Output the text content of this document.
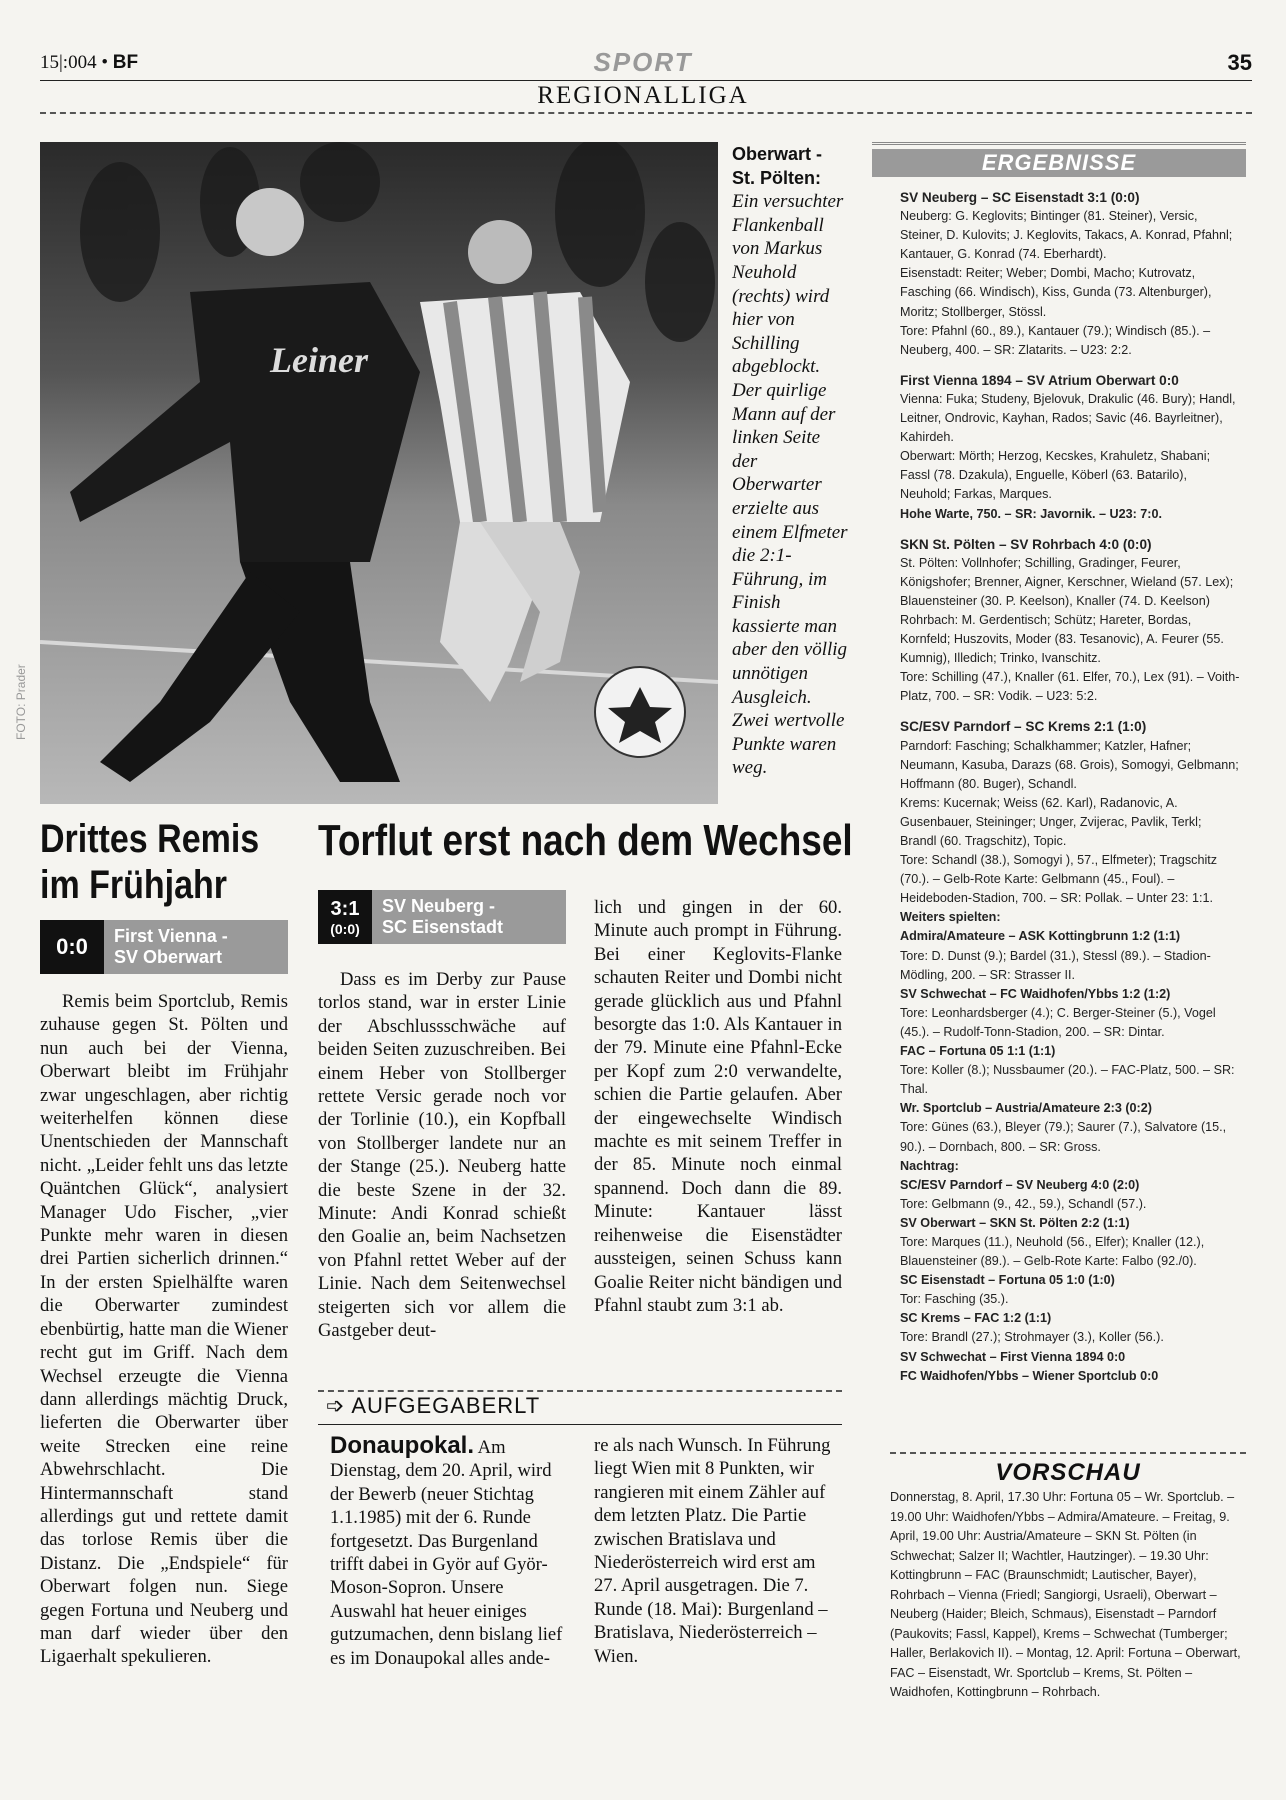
15|:004 • BF	SPORT	35
REGIONALLIGA
Leiner
FOTO: Prader
Oberwart -
St. Pölten:
Ein versuchter Flankenball von Markus Neuhold (rechts) wird hier von Schilling abgeblockt. Der quirlige Mann auf der linken Seite der Oberwarter erzielte aus einem Elfmeter die 2:1-Führung, im Finish kassierte man aber den völlig unnötigen Ausgleich. Zwei wertvolle Punkte waren weg.
Drittes Remis
im Frühjahr
0:0 First Vienna -
SV Oberwart
Remis beim Sportclub, Remis zuhause gegen St. Pölten und nun auch bei der Vienna, Oberwart bleibt im Frühjahr zwar ungeschlagen, aber richtig weiterhelfen können diese Unentschieden der Mannschaft nicht. „Leider fehlt uns das letzte Quäntchen Glück“, analysiert Manager Udo Fischer, „vier Punkte mehr waren in diesen drei Partien sicherlich drinnen.“ In der ersten Spielhälfte waren die Oberwarter zumindest ebenbürtig, hatte man die Wiener recht gut im Griff. Nach dem Wechsel erzeugte die Vienna dann allerdings mächtig Druck, lieferten die Oberwarter über weite Strecken eine reine Abwehrschlacht. Die Hintermannschaft stand allerdings gut und rettete damit das torlose Remis über die Distanz. Die „Endspiele“ für Oberwart folgen nun. Siege gegen Fortuna und Neuberg und man darf wieder über den Ligaerhalt spekulieren.
Torflut erst nach dem Wechsel
3:1
(0:0)
SV Neuberg -
SC Eisenstadt
Dass es im Derby zur Pause torlos stand, war in erster Linie der Abschlussschwäche auf beiden Seiten zuzuschreiben. Bei einem Heber von Stollberger rettete Versic gerade noch vor der Torlinie (10.), ein Kopfball von Stollberger landete nur an der Stange (25.). Neuberg hatte die beste Szene in der 32. Minute: Andi Konrad schießt den Goalie an, beim Nachsetzen von Pfahnl rettet Weber auf der Linie. Nach dem Seitenwechsel steigerten sich vor allem die Gastgeber deut-
lich und gingen in der 60. Minute auch prompt in Führung. Bei einer Keglovits-Flanke schauten Reiter und Dombi nicht gerade glücklich aus und Pfahnl besorgte das 1:0. Als Kantauer in der 79. Minute eine Pfahnl-Ecke per Kopf zum 2:0 verwandelte, schien die Partie gelaufen. Aber der eingewechselte Windisch machte es mit seinem Treffer in der 85. Minute noch einmal spannend. Doch dann die 89. Minute: Kantauer lässt reihenweise die Eisenstädter aussteigen, seinen Schuss kann Goalie Reiter nicht bändigen und Pfahnl staubt zum 3:1 ab.
➩ AUFGEGABERLT
Donaupokal. Am Dienstag, dem 20. April, wird der Bewerb (neuer Stichtag 1.1.1985) mit der 6. Runde fortgesetzt. Das Burgenland trifft dabei in Györ auf Györ-Moson-Sopron. Unsere Auswahl hat heuer einiges gutzumachen, denn bislang lief es im Donaupokal alles ande-
re als nach Wunsch. In Führung liegt Wien mit 8 Punkten, wir rangieren mit einem Zähler auf dem letzten Platz. Die Partie zwischen Bratislava und Niederösterreich wird erst am 27. April ausgetragen. Die 7. Runde (18. Mai): Burgenland – Bratislava, Niederösterreich – Wien.
ERGEBNISSE
SV Neuberg – SC Eisenstadt 3:1 (0:0)
Neuberg: G. Keglovits; Bintinger (81. Steiner), Versic, Steiner, D. Kulovits; J. Keglovits, Takacs, A. Konrad, Pfahnl; Kantauer, G. Konrad (74. Eberhardt).
Eisenstadt: Reiter; Weber; Dombi, Macho; Kutrovatz, Fasching (66. Windisch), Kiss, Gunda (73. Altenburger), Moritz; Stollberger, Stössl.
Tore: Pfahnl (60., 89.), Kantauer (79.); Windisch (85.). – Neuberg, 400. – SR: Zlatarits. – U23: 2:2.
First Vienna 1894 – SV Atrium Oberwart 0:0
Vienna: Fuka; Studeny, Bjelovuk, Drakulic (46. Bury); Handl, Leitner, Ondrovic, Kayhan, Rados; Savic (46. Bayrleitner), Kahirdeh.
Oberwart: Mörth; Herzog, Kecskes, Krahuletz, Shabani; Fassl (78. Dzakula), Enguelle, Köberl (63. Batarilo), Neuhold; Farkas, Marques.
Hohe Warte, 750. – SR: Javornik. – U23: 7:0.
SKN St. Pölten – SV Rohrbach 4:0 (0:0)
St. Pölten: Vollnhofer; Schilling, Gradinger, Feurer, Königshofer; Brenner, Aigner, Kerschner, Wieland (57. Lex); Blauensteiner (30. P. Keelson), Knaller (74. D. Keelson)
Rohrbach: M. Gerdentisch; Schütz; Hareter, Bordas, Kornfeld; Huszovits, Moder (83. Tesanovic), A. Feurer (55. Kumnig), Illedich; Trinko, Ivanschitz.
Tore: Schilling (47.), Knaller (61. Elfer, 70.), Lex (91). – Voith-Platz, 700. – SR: Vodik. – U23: 5:2.
SC/ESV Parndorf – SC Krems 2:1 (1:0)
Parndorf: Fasching; Schalkhammer; Katzler, Hafner; Neumann, Kasuba, Darazs (68. Grois), Somogyi, Gelbmann; Hoffmann (80. Buger), Schandl.
Krems: Kucernak; Weiss (62. Karl), Radanovic, A. Gusenbauer, Steininger; Unger, Zvijerac, Pavlik, Terkl; Brandl (60. Tragschitz), Topic.
Tore: Schandl (38.), Somogyi ), 57., Elfmeter); Tragschitz (70.). – Gelb-Rote Karte: Gelbmann (45., Foul). – Heideboden-Stadion, 700. – SR: Pollak. – Unter 23: 1:1.
Weiters spielten:
Admira/Amateure – ASK Kottingbrunn 1:2 (1:1)
Tore: D. Dunst (9.); Bardel (31.), Stessl (89.). – Stadion-Mödling, 200. – SR: Strasser II.
SV Schwechat – FC Waidhofen/Ybbs 1:2 (1:2)
Tore: Leonhardsberger (4.); C. Berger-Steiner (5.), Vogel (45.). – Rudolf-Tonn-Stadion, 200. – SR: Dintar.
FAC – Fortuna 05 1:1 (1:1)
Tore: Koller (8.); Nussbaumer (20.). – FAC-Platz, 500. – SR: Thal.
Wr. Sportclub – Austria/Amateure 2:3 (0:2)
Tore: Günes (63.), Bleyer (79.); Saurer (7.), Salvatore (15., 90.). – Dornbach, 800. – SR: Gross.
Nachtrag:
SC/ESV Parndorf – SV Neuberg 4:0 (2:0)
Tore: Gelbmann (9., 42., 59.), Schandl (57.).
SV Oberwart – SKN St. Pölten 2:2 (1:1)
Tore: Marques (11.), Neuhold (56., Elfer); Knaller (12.), Blauensteiner (89.). – Gelb-Rote Karte: Falbo (92./0).
SC Eisenstadt – Fortuna 05 1:0 (1:0)
Tor: Fasching (35.).
SC Krems – FAC 1:2 (1:1)
Tore: Brandl (27.); Strohmayer (3.), Koller (56.).
SV Schwechat – First Vienna 1894 0:0
FC Waidhofen/Ybbs – Wiener Sportclub 0:0
VORSCHAU
Donnerstag, 8. April, 17.30 Uhr: Fortuna 05 – Wr. Sportclub. – 19.00 Uhr: Waidhofen/Ybbs – Admira/Amateure. – Freitag, 9. April, 19.00 Uhr: Austria/Amateure – SKN St. Pölten (in Schwechat; Salzer II; Wachtler, Hautzinger). – 19.30 Uhr: Kottingbrunn – FAC (Braunschmidt; Lautischer, Bayer), Rohrbach – Vienna (Friedl; Sangiorgi, Usraeli), Oberwart – Neuberg (Haider; Bleich, Schmaus), Eisenstadt – Parndorf (Paukovits; Fassl, Kappel), Krems – Schwechat (Tumberger; Haller, Berlakovich II). – Montag, 12. April: Fortuna – Oberwart, FAC – Eisenstadt, Wr. Sportclub – Krems, St. Pölten – Waidhofen, Kottingbrunn – Rohrbach.
